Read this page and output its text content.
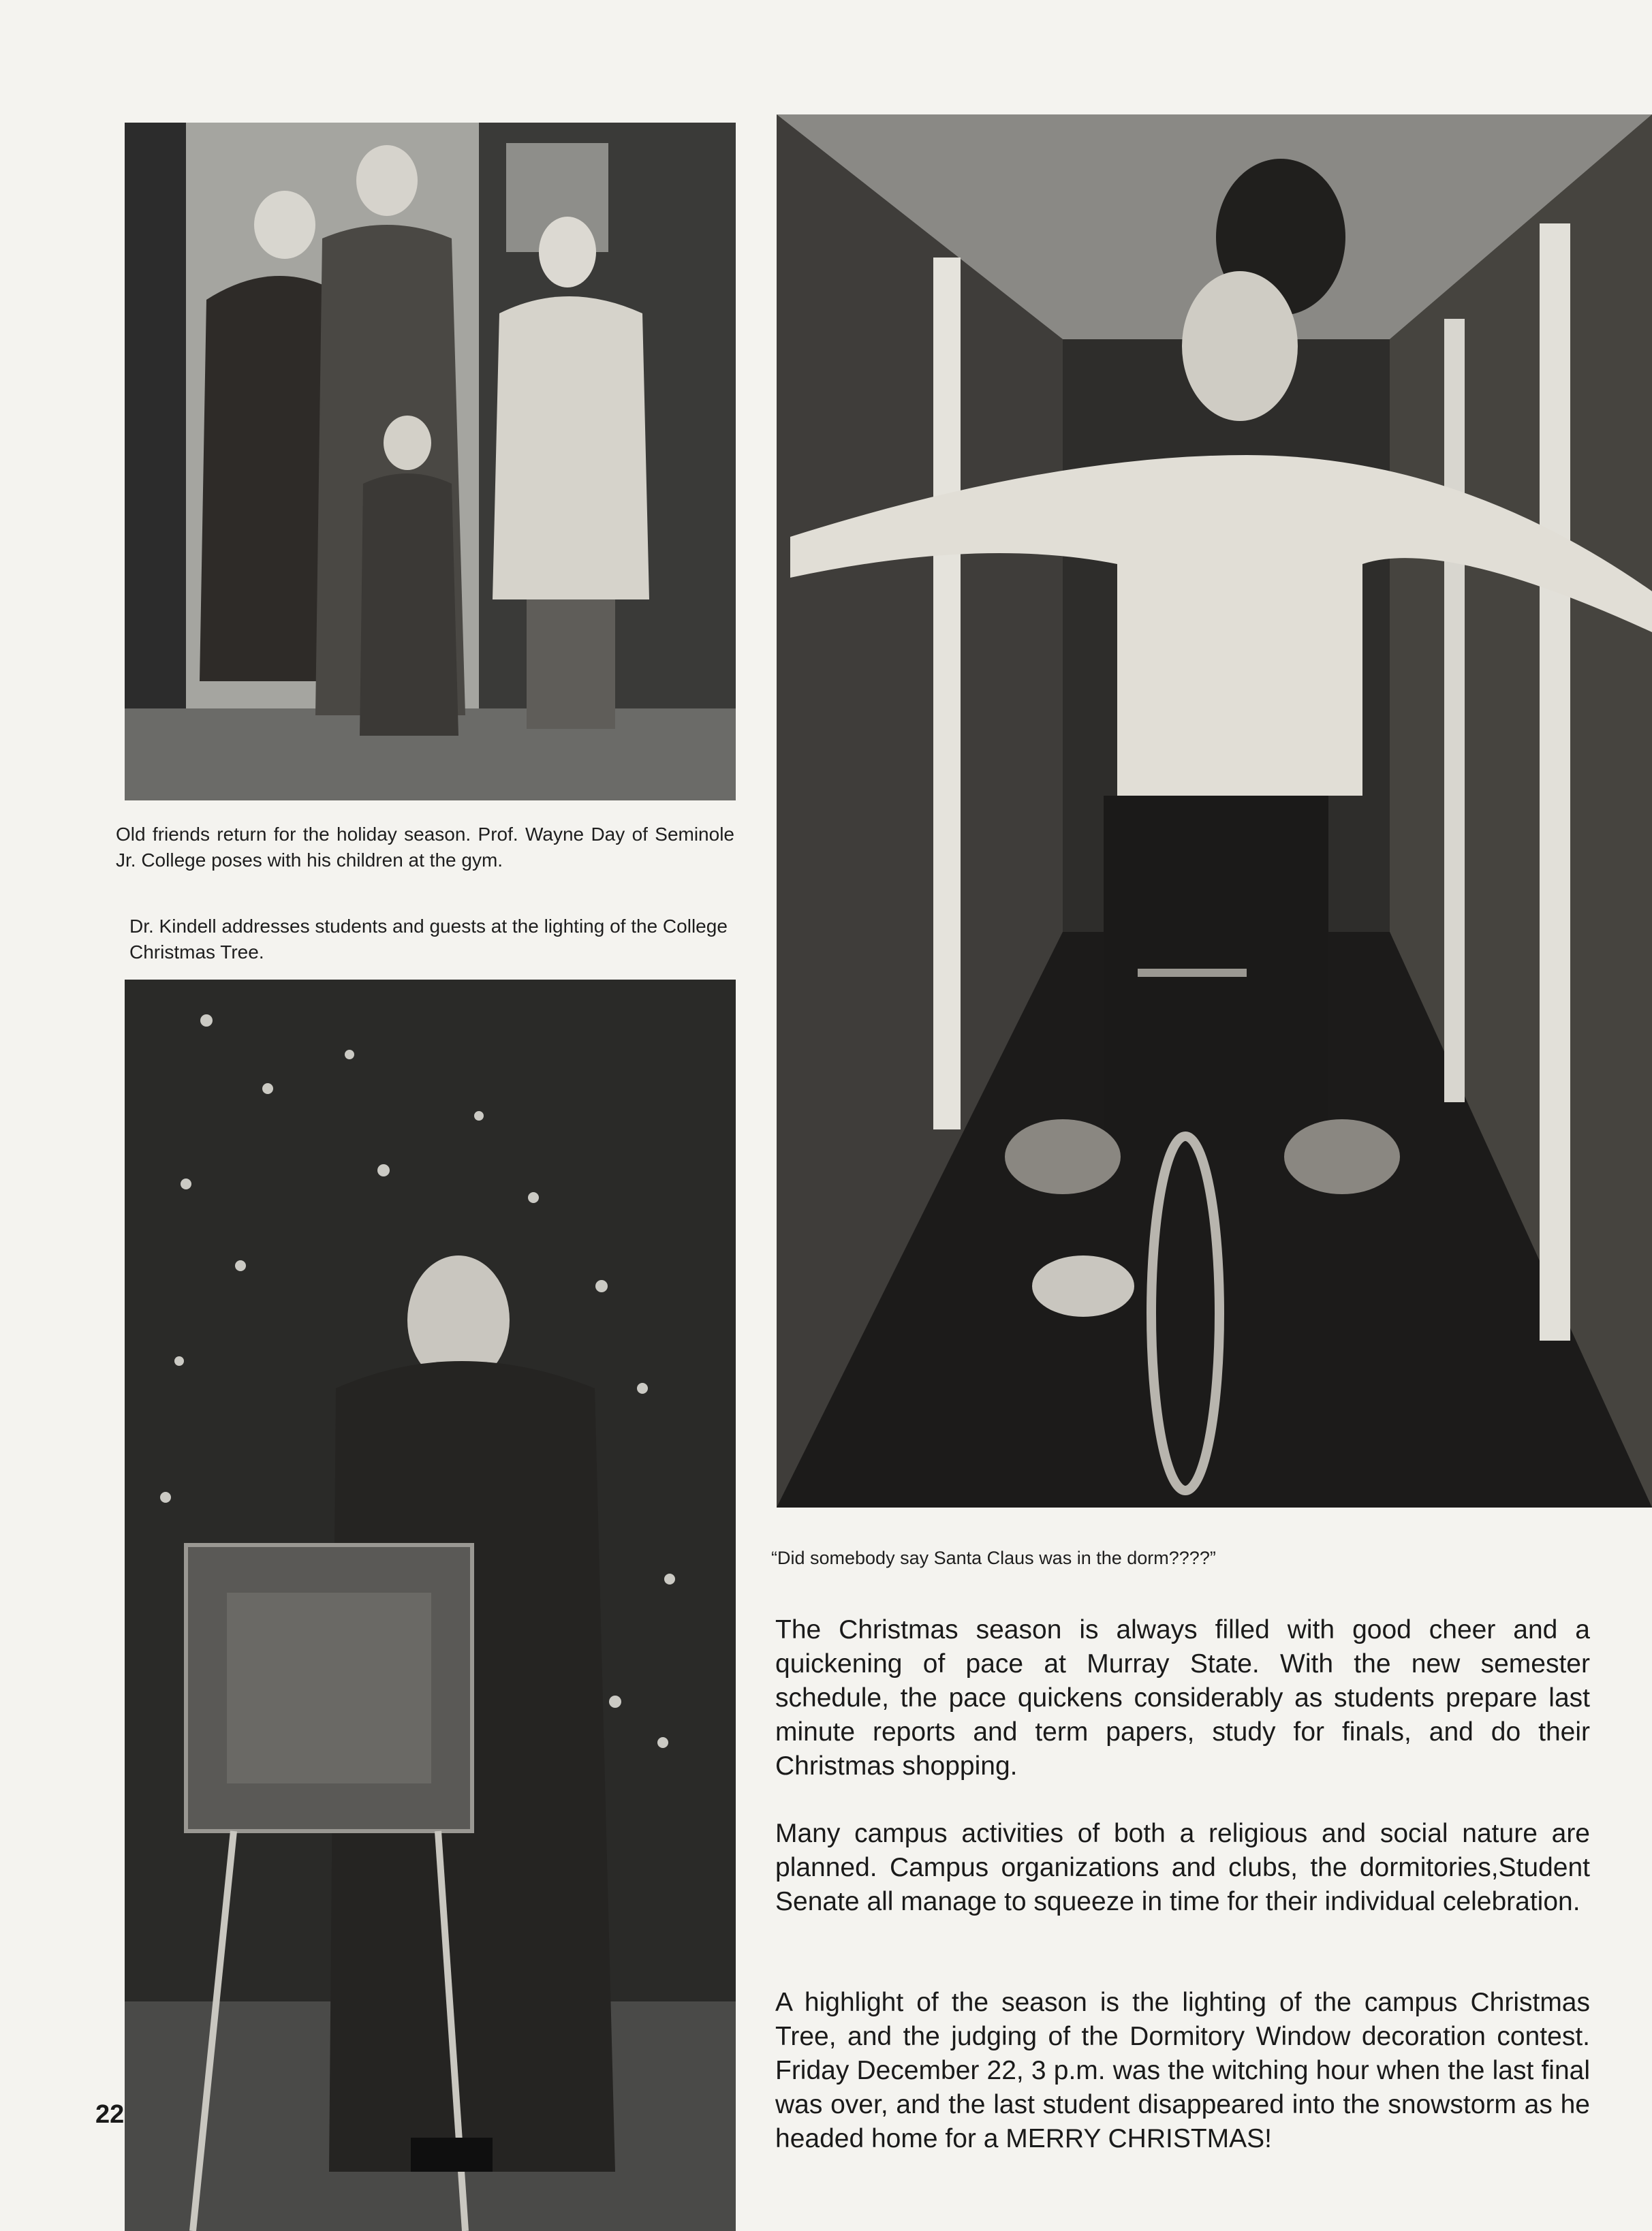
Old friends return for the holiday season. Prof. Wayne Day of Seminole Jr. College poses with his children at the gym.

Dr. Kindell addresses students and guests at the lighting of the College Christmas Tree.

“Did somebody say Santa Claus was in the dorm????”

The Christmas season is always filled with good cheer and a quickening of pace at Murray State. With the new semester schedule, the pace quickens considerably as students prepare last minute reports and term papers, study for finals, and do their Christmas shopping.

Many campus activities of both a religious and social nature are planned. Campus organizations and clubs, the dormitories,Student Senate all manage to squeeze in time for their individual celebration.

A highlight of the season is the lighting of the campus Christmas Tree, and the judging of the Dormitory Window decoration contest. Friday December 22, 3 p.m. was the witching hour when the last final was over, and the last student disappeared into the snowstorm as he headed home for a MERRY CHRISTMAS!

22
